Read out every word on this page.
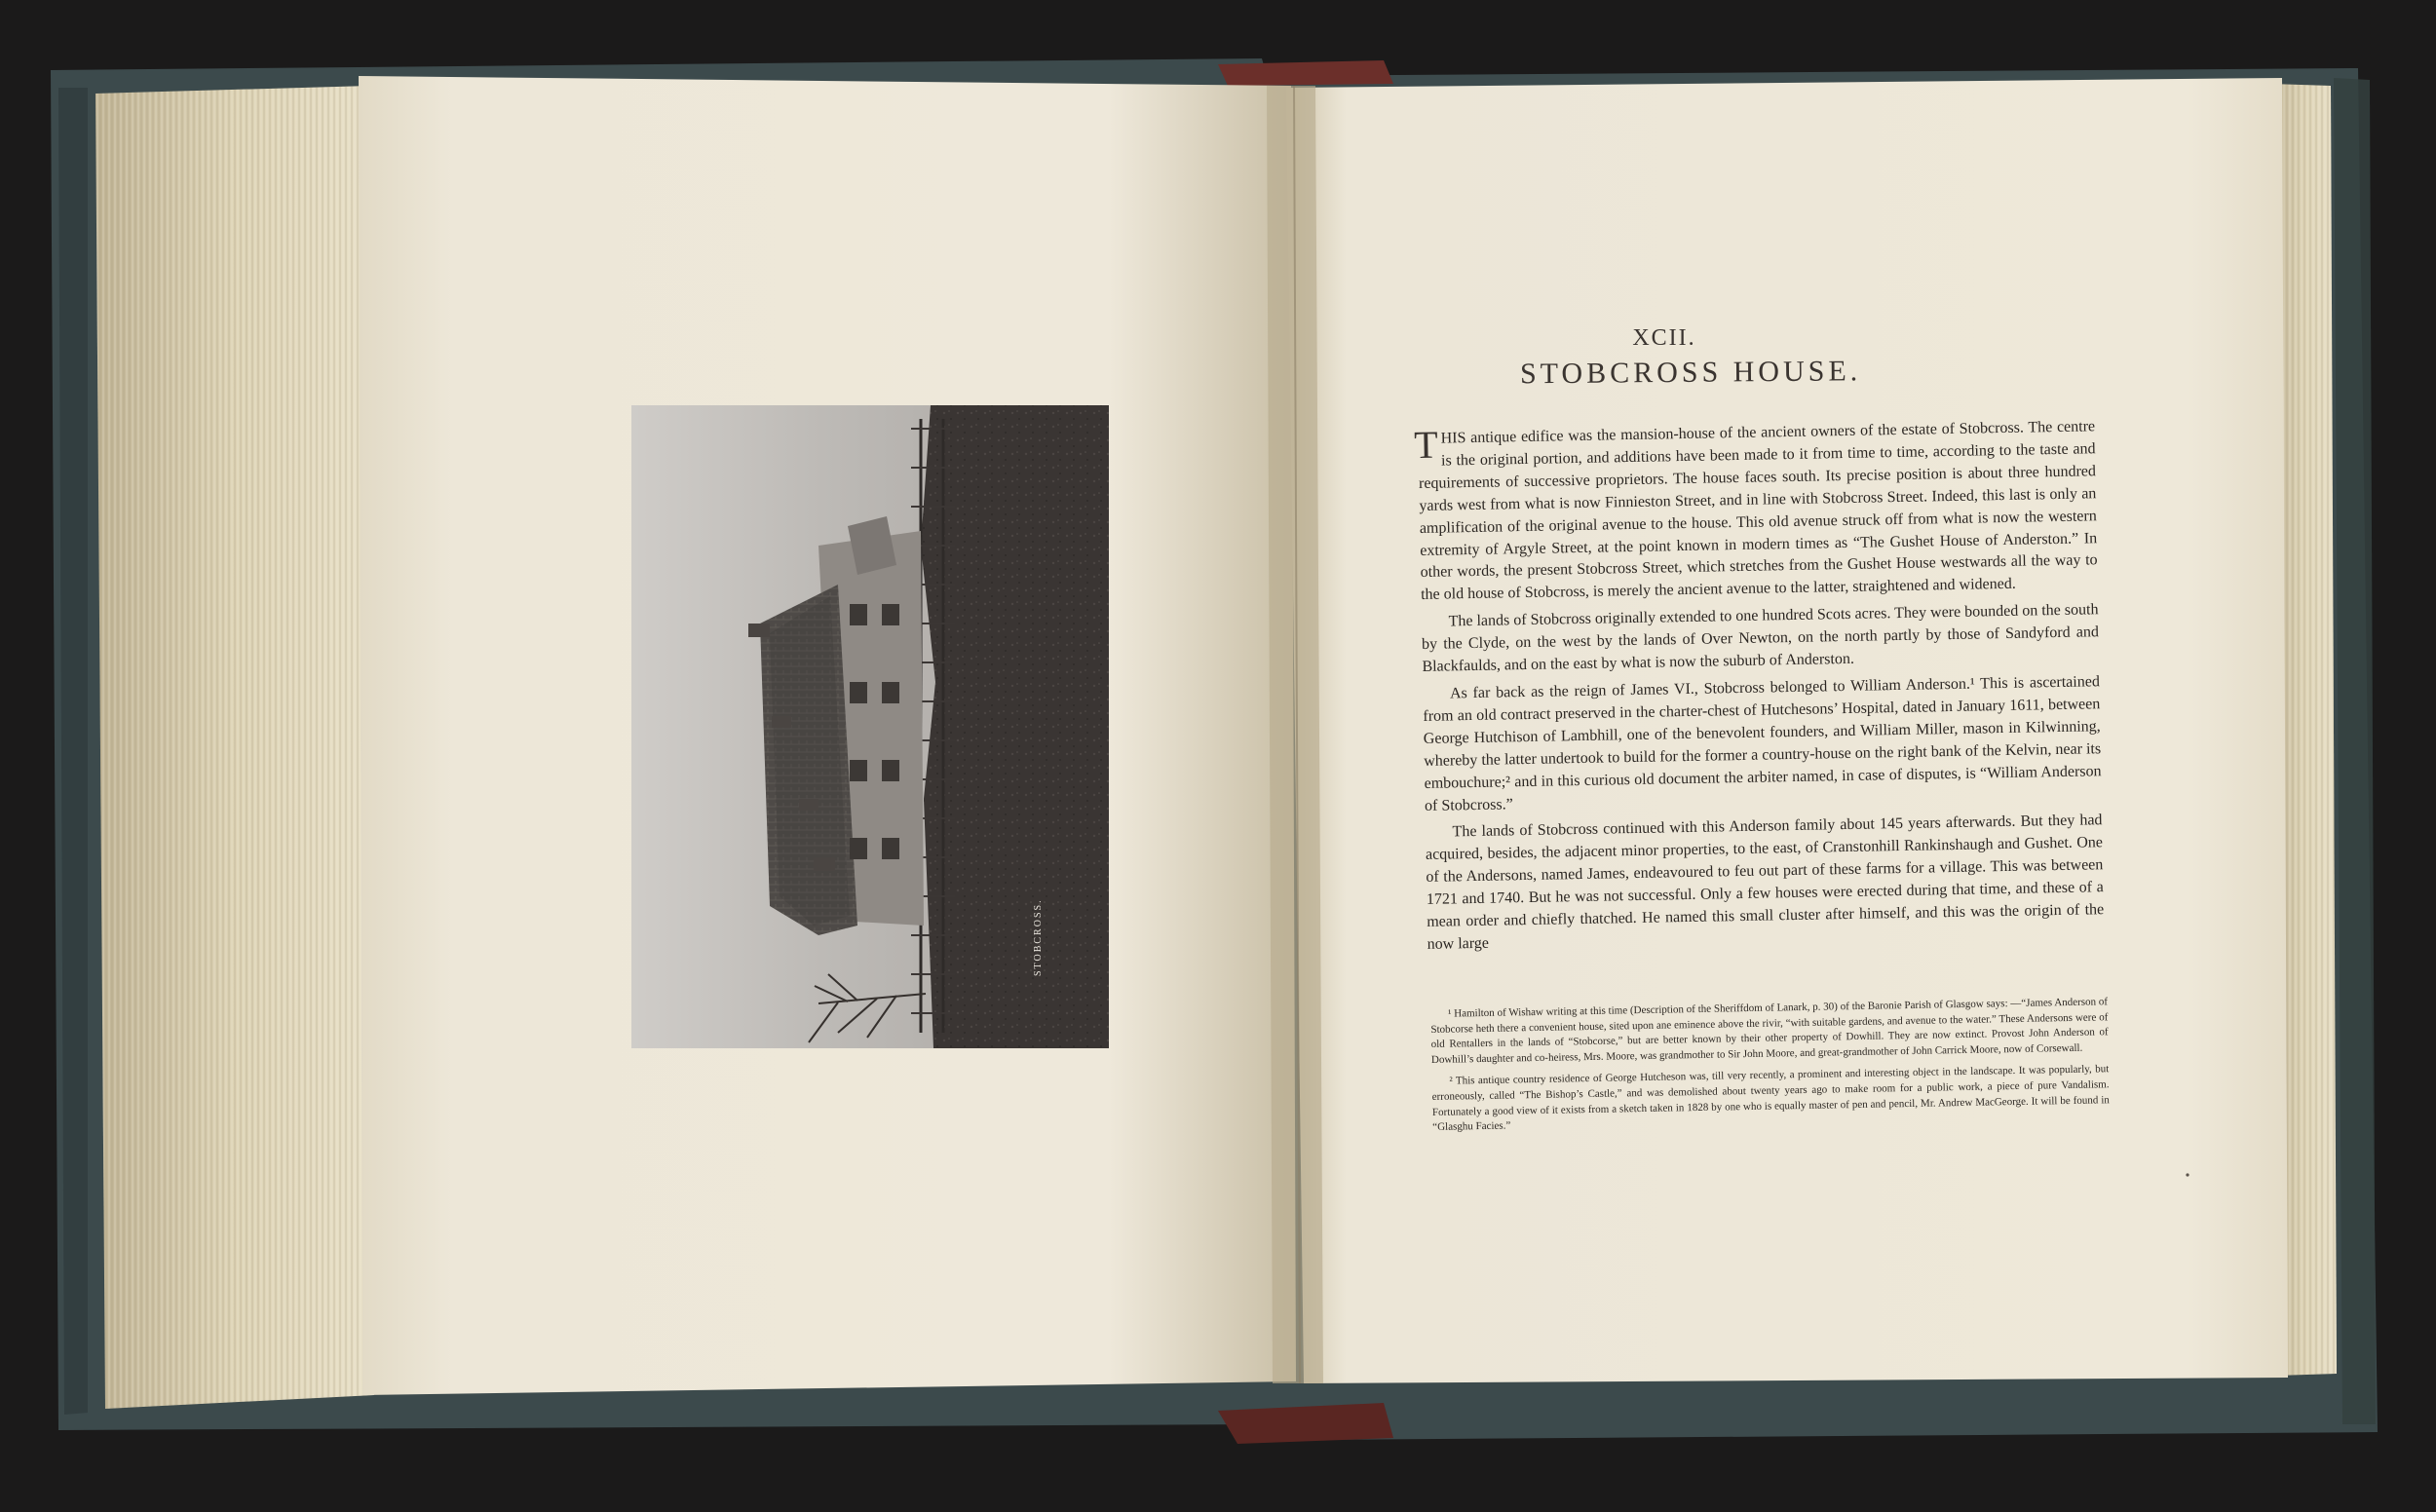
STOBCROSS.
XCII.
STOBCROSS HOUSE.

THIS antique edifice was the mansion-house of the ancient owners of the estate of Stobcross. The centre is the original portion, and additions have been made to it from time to time, according to the taste and requirements of successive proprietors. The house faces south. Its precise position is about three hundred yards west from what is now Finnieston Street, and in line with Stobcross Street. Indeed, this last is only an amplification of the original avenue to the house. This old avenue struck off from what is now the western extremity of Argyle Street, at the point known in modern times as “The Gushet House of Anderston.” In other words, the present Stobcross Street, which stretches from the Gushet House westwards all the way to the old house of Stobcross, is merely the ancient avenue to the latter, straightened and widened.

The lands of Stobcross originally extended to one hundred Scots acres. They were bounded on the south by the Clyde, on the west by the lands of Over Newton, on the north partly by those of Sandyford and Blackfaulds, and on the east by what is now the suburb of Anderston.

As far back as the reign of James VI., Stobcross belonged to William Anderson.¹ This is ascertained from an old contract preserved in the charter-chest of Hutchesons’ Hospital, dated in January 1611, between George Hutchison of Lambhill, one of the benevolent founders, and William Miller, mason in Kilwinning, whereby the latter undertook to build for the former a country-house on the right bank of the Kelvin, near its embouchure;² and in this curious old document the arbiter named, in case of disputes, is “William Anderson of Stobcross.”

The lands of Stobcross continued with this Anderson family about 145 years afterwards. But they had acquired, besides, the adjacent minor properties, to the east, of Cranstonhill Rankinshaugh and Gushet. One of the Andersons, named James, endeavoured to feu out part of these farms for a village. This was between 1721 and 1740. But he was not successful. Only a few houses were erected during that time, and these of a mean order and chiefly thatched. He named this small cluster after himself, and this was the origin of the now large

¹ Hamilton of Wishaw writing at this time (Description of the Sheriffdom of Lanark, p. 30) of the Baronie Parish of Glasgow says: —“James Anderson of Stobcorse heth there a convenient house, sited upon ane eminence above the rivir, “with suitable gardens, and avenue to the water.” These Andersons were of old Rentallers in the lands of “Stobcorse,” but are better known by their other property of Dowhill. They are now extinct. Provost John Anderson of Dowhill’s daughter and co-heiress, Mrs. Moore, was grandmother to Sir John Moore, and great-grandmother of John Carrick Moore, now of Corsewall.

² This antique country residence of George Hutcheson was, till very recently, a prominent and interesting object in the landscape. It was popularly, but erroneously, called “The Bishop’s Castle,” and was demolished about twenty years ago to make room for a public work, a piece of pure Vandalism. Fortunately a good view of it exists from a sketch taken in 1828 by one who is equally master of pen and pencil, Mr. Andrew MacGeorge. It will be found in “Glasghu Facies.”
